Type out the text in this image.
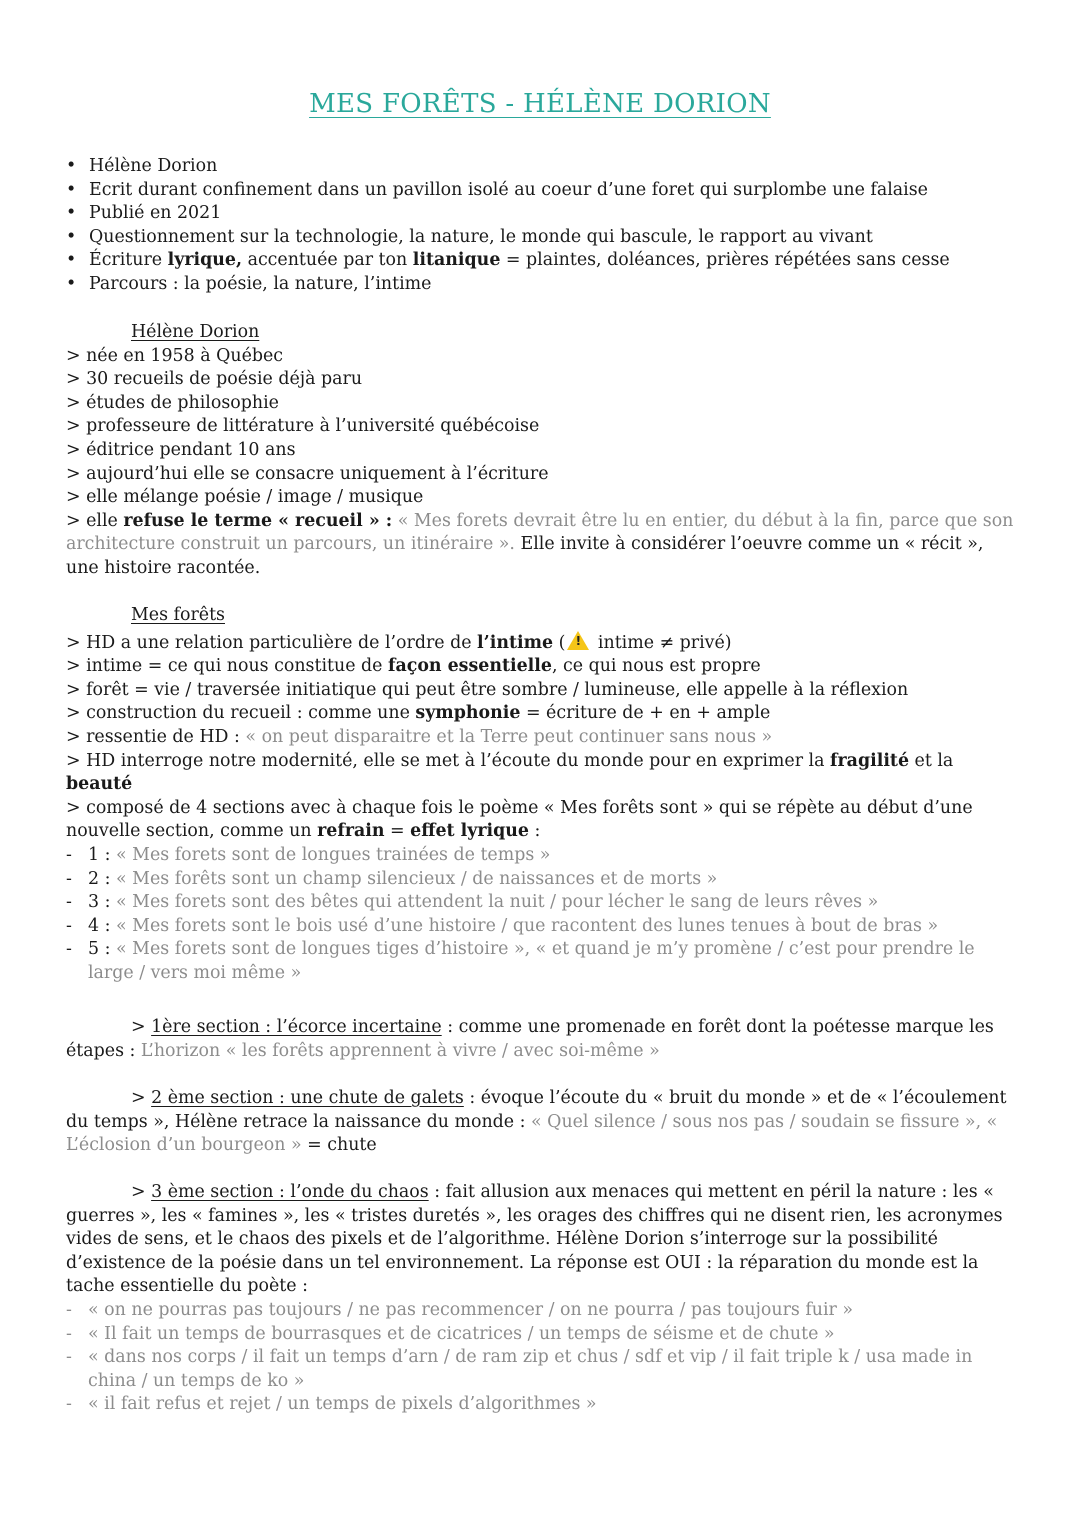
MES FORÊTS - HÉLÈNE DORION
• Hélène Dorion
• Ecrit durant confinement dans un pavillon isolé au coeur d’une foret qui surplombe une falaise
• Publié en 2021
• Questionnement sur la technologie, la nature, le monde qui bascule, le rapport au vivant
• Écriture lyrique, accentuée par ton litanique = plaintes, doléances, prières répétées sans cesse
• Parcours : la poésie, la nature, l’intime
Hélène Dorion
> née en 1958 à Québec
> 30 recueils de poésie déjà paru
> études de philosophie
> professeure de littérature à l’université québécoise
> éditrice pendant 10 ans
> aujourd’hui elle se consacre uniquement à l’écriture
> elle mélange poésie / image / musique
> elle refuse le terme « recueil » : « Mes forets devrait être lu en entier, du début à la fin, parce que son architecture construit un parcours, un itinéraire ». Elle invite à considérer l’oeuvre comme un « récit », une histoire racontée.
Mes forêts
> HD a une relation particulière de l’ordre de l’intime ( ! intime ≠ privé)
> intime = ce qui nous constitue de façon essentielle, ce qui nous est propre
> forêt = vie / traversée initiatique qui peut être sombre / lumineuse, elle appelle à la réflexion
> construction du recueil : comme une symphonie = écriture de + en + ample
> ressentie de HD : « on peut disparaitre et la Terre peut continuer sans nous »
> HD interroge notre modernité, elle se met à l’écoute du monde pour en exprimer la fragilité et la beauté
> composé de 4 sections avec à chaque fois le poème « Mes forêts sont » qui se répète au début d’une nouvelle section, comme un refrain = effet lyrique :
- 1 : « Mes forets sont de longues trainées de temps »
- 2 : « Mes forêts sont un champ silencieux / de naissances et de morts »
- 3 : « Mes forets sont des bêtes qui attendent la nuit / pour lécher le sang de leurs rêves »
- 4 : « Mes forets sont le bois usé d’une histoire / que racontent des lunes tenues à bout de bras »
- 5 : « Mes forets sont de longues tiges d’histoire », « et quand je m’y promène / c’est pour prendre le large / vers moi même »
> 1ère section : l’écorce incertaine : comme une promenade en forêt dont la poétesse marque les étapes : L’horizon « les forêts apprennent à vivre / avec soi-même »
> 2 ème section : une chute de galets : évoque l’écoute du « bruit du monde » et de « l’écoulement du temps », Hélène retrace la naissance du monde : « Quel silence / sous nos pas / soudain se fissure », « L’éclosion d’un bourgeon » = chute
> 3 ème section : l’onde du chaos : fait allusion aux menaces qui mettent en péril la nature : les « guerres », les « famines », les « tristes duretés », les orages des chiffres qui ne disent rien, les acronymes vides de sens, et le chaos des pixels et de l’algorithme. Hélène Dorion s’interroge sur la possibilité d’existence de la poésie dans un tel environnement. La réponse est OUI : la réparation du monde est la tache essentielle du poète :
- « on ne pourras pas toujours / ne pas recommencer / on ne pourra / pas toujours fuir »
- « Il fait un temps de bourrasques et de cicatrices / un temps de séisme et de chute »
- « dans nos corps / il fait un temps d’arn / de ram zip et chus / sdf et vip / il fait triple k / usa made in china / un temps de ko »
- « il fait refus et rejet / un temps de pixels d’algorithmes »
